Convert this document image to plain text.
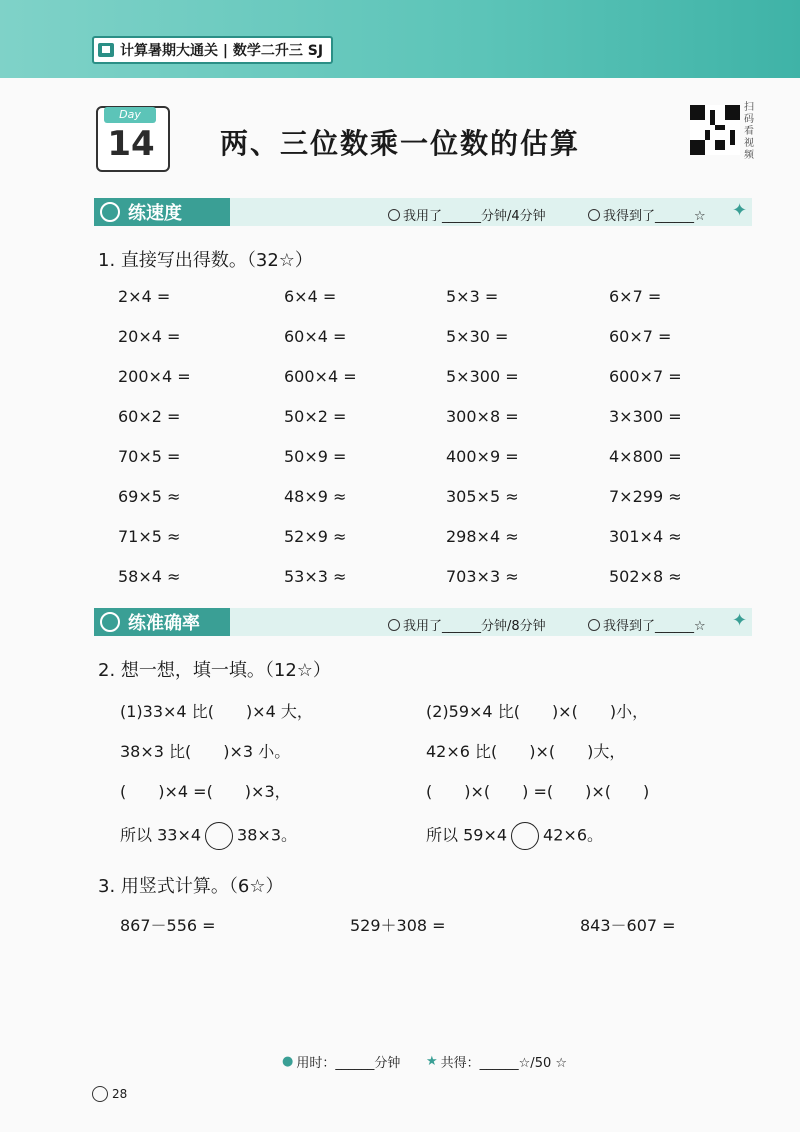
计算暑期大通关 | 数学二升三 SJ
Day
14	两、三位数乘一位数的估算
扫码看视频
练速度	我用了______分钟/4分钟	我得到了______☆ ✦
1. 直接写出得数。（32☆）
2×4 =	6×4 =	5×3 =	6×7 =
20×4 =	60×4 =	5×30 =	60×7 =
200×4 =	600×4 =	5×300 =	600×7 =
60×2 =	50×2 =	300×8 =	3×300 =
70×5 =	50×9 =	400×9 =	4×800 =
69×5 ≈	48×9 ≈	305×5 ≈	7×299 ≈
71×5 ≈	52×9 ≈	298×4 ≈	301×4 ≈
58×4 ≈	53×3 ≈	703×3 ≈	502×8 ≈
练准确率	我用了______分钟/8分钟	我得到了______☆ ✦
2. 想一想，填一填。（12☆）
(1)33×4 比(　　)×4 大，
38×3 比(　　)×3 小。
(　　)×4 =(　　)×3，
所以 33×4 38×3。
(2)59×4 比(　　)×(　　)小，
42×6 比(　　)×(　　)大，
(　　)×(　　) =(　　)×(　　)
所以 59×4 42×6。
3. 用竖式计算。（6☆）
867－556 =	529＋308 =	843－607 =
● 用时：______分钟 ★ 共得：______☆/50 ☆
28
